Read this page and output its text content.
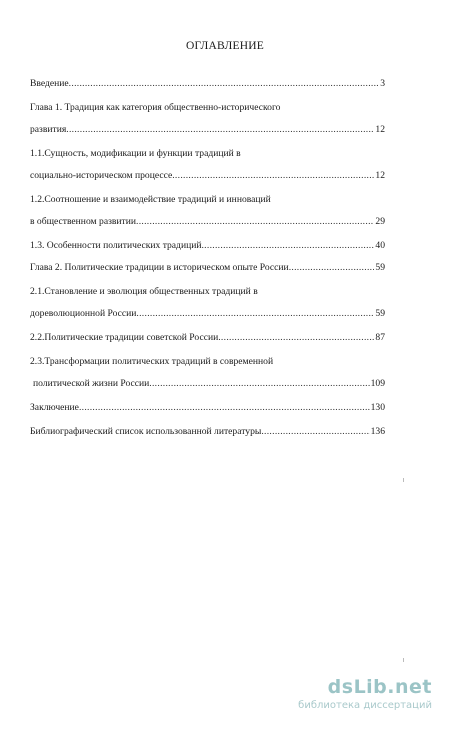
ОГЛАВЛЕНИЕ
Введение .....	3
Глава 1. Традиция как категория общественно-исторического
развития .....	12
1.1.Сущность, модификации и функции традиций в
социально-историческом процессе .....	12
1.2.Соотношение и взаимодействие традиций и инноваций
в общественном развитии .....	29
1.3. Особенности политических традиций .....	40
Глава 2. Политические традиции в историческом опыте России .....	59
2.1.Становление и эволюция общественных традиций в
дореволюционной России .....	59
2.2.Политические традиции советской России .....	87
2.3.Трансформации политических традиций в современной
политической жизни России .....	109
Заключение .....	130
Библиографический список использованной литературы .....	136
dsLib.net
библиотека диссертаций
